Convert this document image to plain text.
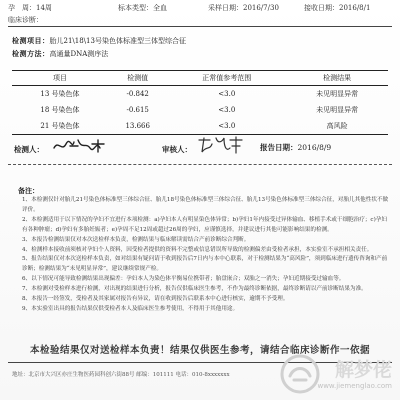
孕　周：14周	标本类型：全血	采样日期：2016/7/30	接收日期：2016/8/1
临床诊断：
检测项目：胎儿21\18\13号染色体标准型三体型综合征
检测方法：高通量DNA测序法
项目	检测值	正常值参考范围	检测结果
13 号染色体	-0.842	<3.0	未见明显异常
18 号染色体	-0.615	<3.0	未见明显异常
21 号染色体	13.666	<3.0	高风险
检测人：	审核人：	报告日期：2016/8/9
备注：

1、本检测仅针对胎儿21号染色体标准型三体综合征、胎儿18号染色体标准型三体综合征、胎儿13号染色体标准型三体综合征，对胎儿其他性状不做评价。

2、本检测适用于以下情况的孕妇不宜进行本项检测：a)孕妇本人有明显染色体异常；b)孕妇1年内接受过异体输血、移植手术或干细胞治疗；c)孕妇有各种肿瘤；d)孕妇有多胎妊娠者；e)孕周不足12周或超过26周的孕妇，应谨慎选择，并建议进行其他可能影响结果的检测。

3、本报告检测结果仅对本次送检样本负责，检测结果与临床解读需结合产前诊断综合判断。

4、检测样本接收前须核对孕妇个人资料，因受检者提供的资料不完整或信息错误所导致的检测偏差由受检者承担，本实验室不承担相关责任。

5、报告结果仅对本次送检样本负责，如对结果有疑问请于收到报告后7日内与本中心联系，对于检测结果为“高风险”，须到临床进行遗传咨询和产前诊断；检测结果为“未见明显异常”，建议继续常规产检。

6、以下情况可能导致检测结果出现偏差：孕妇本人为染色体平衡易位携带者；胎盘嵌合；双胎之一消失；孕妇近期接受过输血等。

7、本检测对受检样本进行检测，对出现的结果进行分析，报告仅供临床医生参考，不作为最终诊断依据，最终诊断请以产前诊断结果为准。

8、本报告一经签发，受检者及其家属对报告有异议，请在收到报告后联系本中心进行核实，逾期不予受理。

9、本实验室出具的报告结果仅供受检者本人及临床医生参考使用，不得用于其他用途。

本检验结果仅对送检样本负责！结果仅供医生参考，请结合临床诊断作一依据
地址：北京市大兴区亦庄生物医药园科创六街88号 邮编：101111 电话：010-8xxxxxxx	解梦佬
www.jiemenglao.com
